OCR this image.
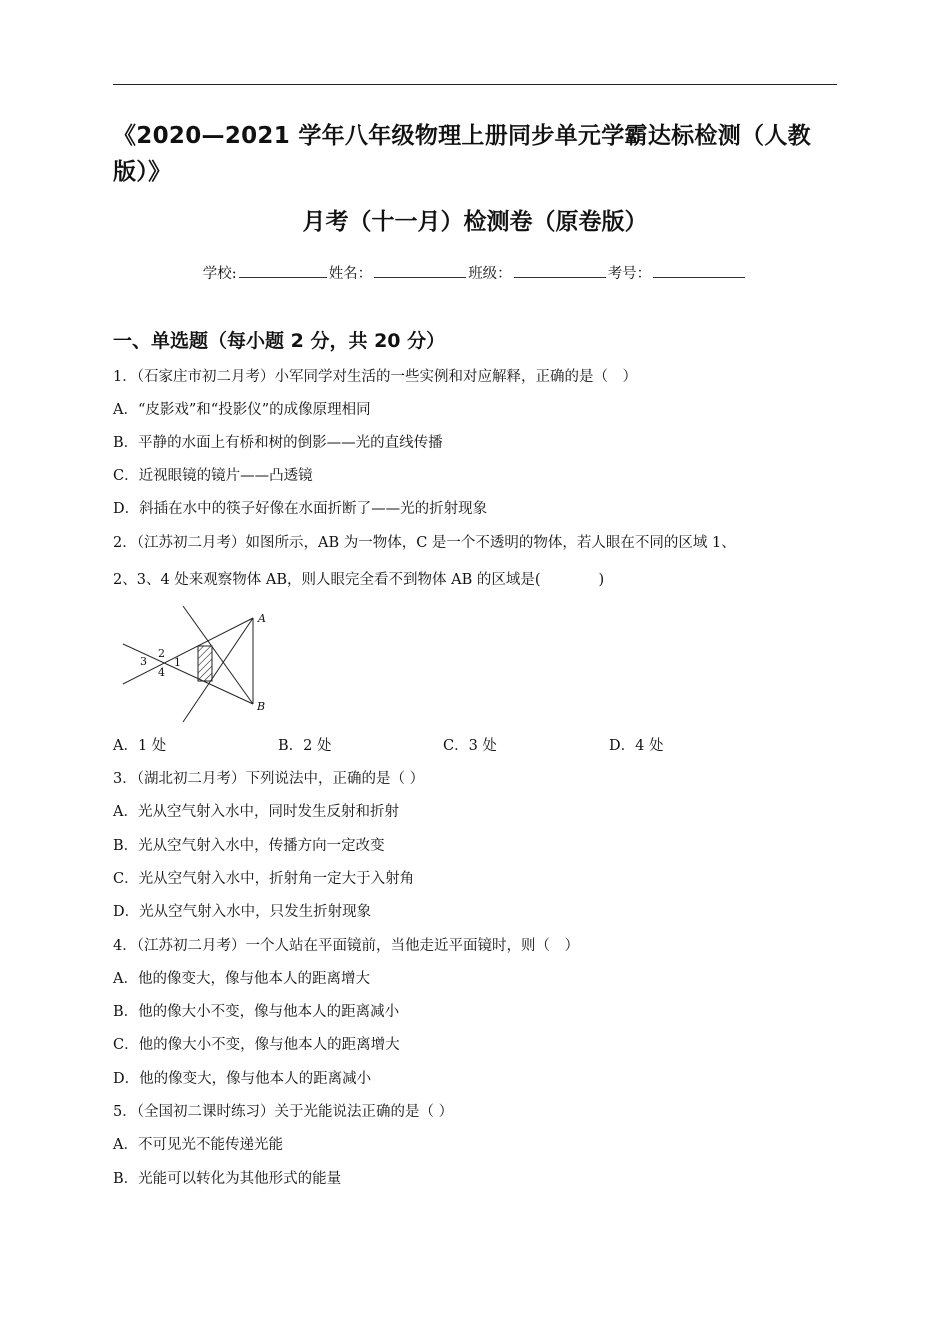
《2020—2021 学年八年级物理上册同步单元学霸达标检测（人教版）》
月考（十一月）检测卷（原卷版）
学校:	姓名：	班级：	考号：
一、单选题（每小题 2 分，共 20 分）
1．（石家庄市初二月考）小军同学对生活的一些实例和对应解释，正确的是（　）
A．“皮影戏”和“投影仪”的成像原理相同
B．平静的水面上有桥和树的倒影——光的直线传播
C．近视眼镜的镜片——凸透镜
D．斜插在水中的筷子好像在水面折断了——光的折射现象
2．（江苏初二月考）如图所示，AB 为一物体，C 是一个不透明的物体，若人眼在不同的区域 1、
2、3、4 处来观察物体 AB，则人眼完全看不到物体 AB 的区域是(　　　　)
A
B
1
2
3
4
A．1 处	B．2 处	C．3 处	D．4 处
3．（湖北初二月考）下列说法中，正确的是（ ）
A．光从空气射入水中，同时发生反射和折射
B．光从空气射入水中，传播方向一定改变
C．光从空气射入水中，折射角一定大于入射角
D．光从空气射入水中，只发生折射现象
4．（江苏初二月考）一个人站在平面镜前，当他走近平面镜时，则（　）
A．他的像变大，像与他本人的距离增大
B．他的像大小不变，像与他本人的距离减小
C．他的像大小不变，像与他本人的距离增大
D．他的像变大，像与他本人的距离减小
5．（全国初二课时练习）关于光能说法正确的是（ ）
A．不可见光不能传递光能
B．光能可以转化为其他形式的能量
